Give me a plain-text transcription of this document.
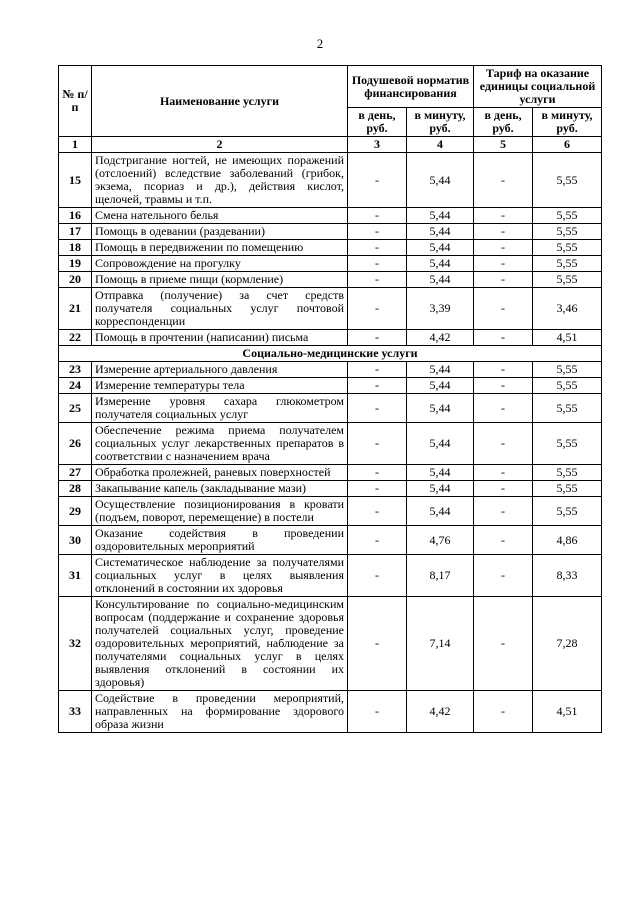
2
№ п/п	Наименование услуги	Подушевой норматив финансирования		Тариф на оказание единицы социальной услуги	
		в день, руб.	в минуту, руб.	в день, руб.	в минуту, руб.
1	2	3	4	5	6
15	Подстригание ногтей, не имеющих поражений (отслоений) вследствие заболеваний (грибок, экзема, псориаз и др.), действия кислот, щелочей, травмы и т.п.	-	5,44	-	5,55
16	Смена нательного белья	-	5,44	-	5,55
17	Помощь в одевании (раздевании)	-	5,44	-	5,55
18	Помощь в передвижении по помещению	-	5,44	-	5,55
19	Сопровождение на прогулку	-	5,44	-	5,55
20	Помощь в приеме пищи (кормление)	-	5,44	-	5,55
21	Отправка (получение) за счет средств получателя социальных услуг почтовой корреспонденции	-	3,39	-	3,46
22	Помощь в прочтении (написании) письма	-	4,42	-	4,51
Социально-медицинские услуги					
23	Измерение артериального давления	-	5,44	-	5,55
24	Измерение температуры тела	-	5,44	-	5,55
25	Измерение уровня сахара глюкометром получателя социальных услуг	-	5,44	-	5,55
26	Обеспечение режима приема получателем социальных услуг лекарственных препаратов в соответствии с назначением врача	-	5,44	-	5,55
27	Обработка пролежней, раневых поверхностей	-	5,44	-	5,55
28	Закапывание капель (закладывание мази)	-	5,44	-	5,55
29	Осуществление позиционирования в кровати (подъем, поворот, перемещение) в постели	-	5,44	-	5,55
30	Оказание содействия в проведении оздоровительных мероприятий	-	4,76	-	4,86
31	Систематическое наблюдение за получателями социальных услуг в целях выявления отклонений в состоянии их здоровья	-	8,17	-	8,33
32	Консультирование по социально-медицинским вопросам (поддержание и сохранение здоровья получателей социальных услуг, проведение оздоровительных мероприятий, наблюдение за получателями социальных услуг в целях выявления отклонений в состоянии их здоровья)	-	7,14	-	7,28
33	Содействие в проведении мероприятий, направленных на формирование здорового образа жизни	-	4,42	-	4,51
